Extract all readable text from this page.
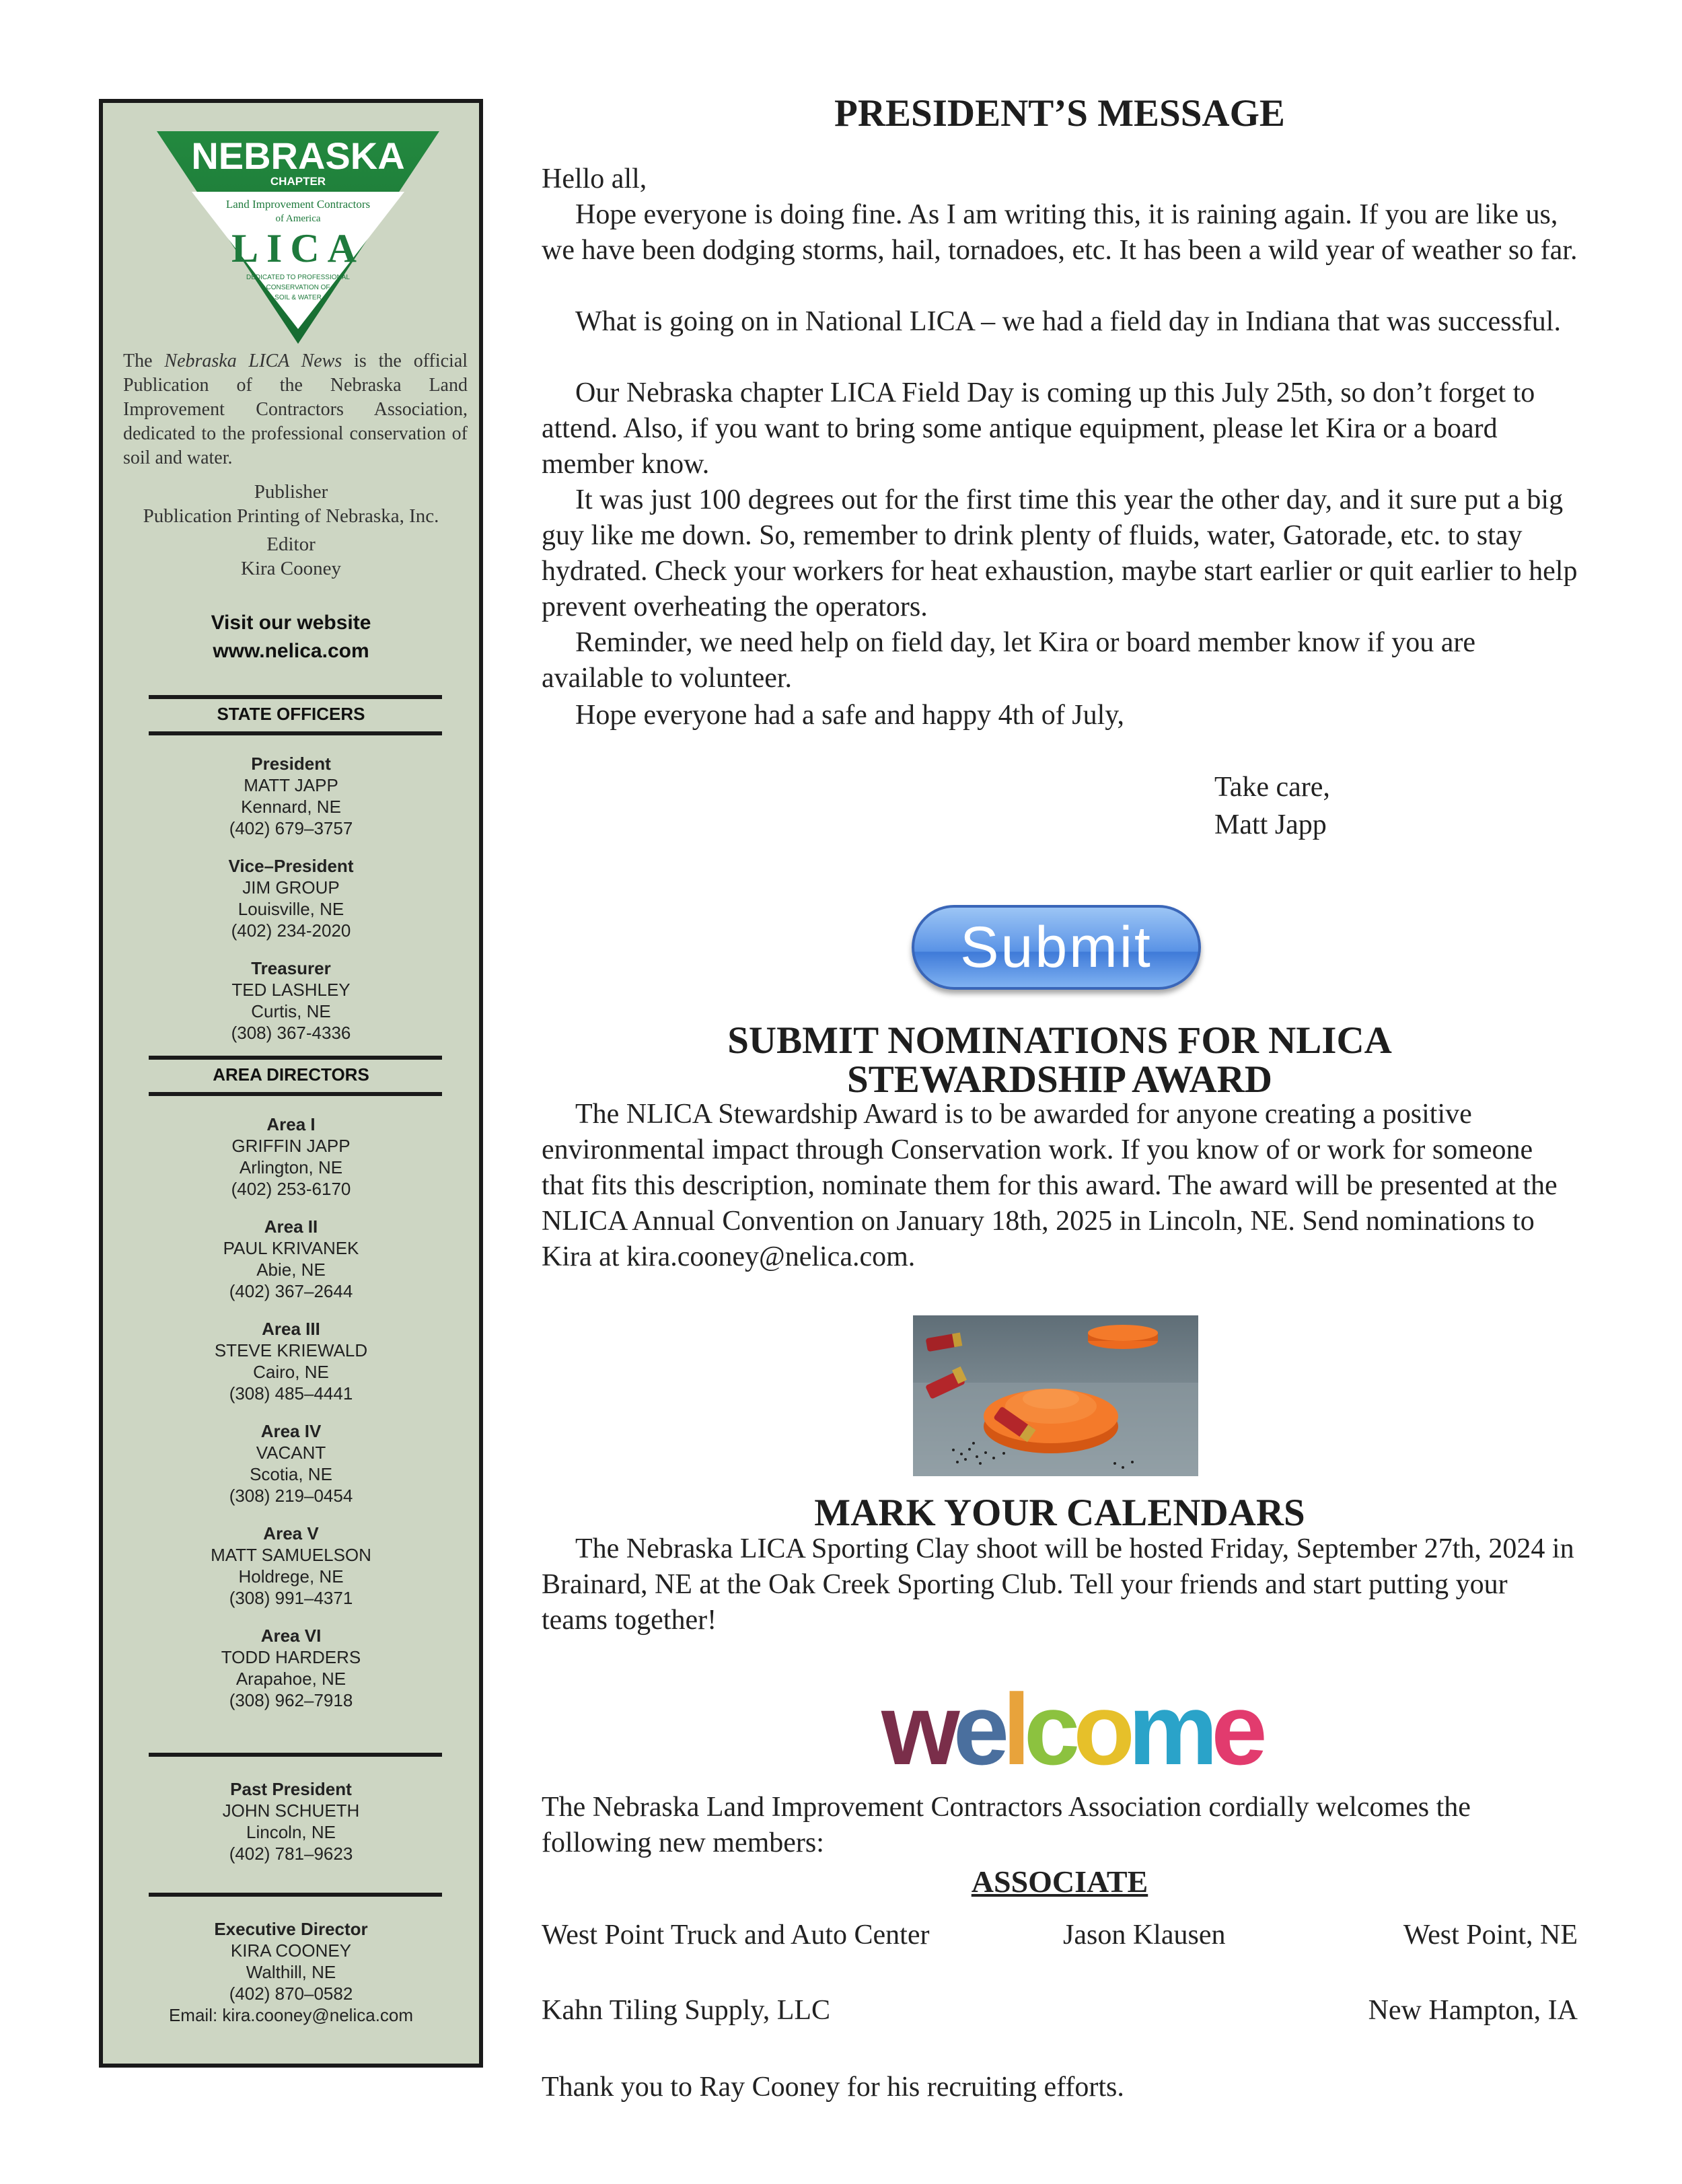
NEBRASKA
CHAPTER
Land Improvement Contractors
of America
LICA
DEDICATED TO PROFESSIONAL
CONSERVATION OF
SOIL & WATER
The Nebraska LICA News is the official Publication of the Nebraska Land Improvement Contractors Association, dedicated to the professional conservation of soil and water.
Publisher
Publication Printing of Nebraska, Inc.
Editor
Kira Cooney
Visit our website
www.nelica.com
STATE OFFICERS
President
MATT JAPP
Kennard, NE
(402) 679–3757
Vice–President
JIM GROUP
Louisville, NE
(402) 234-2020
Treasurer
TED LASHLEY
Curtis, NE
(308) 367-4336
AREA DIRECTORS
Area I
GRIFFIN JAPP
Arlington, NE
(402) 253-6170
Area II
PAUL KRIVANEK
Abie, NE
(402) 367–2644
Area III
STEVE KRIEWALD
Cairo, NE
(308) 485–4441
Area IV
VACANT
Scotia, NE
(308) 219–0454
Area V
MATT SAMUELSON
Holdrege, NE
(308) 991–4371
Area VI
TODD HARDERS
Arapahoe, NE
(308) 962–7918
Past President
JOHN SCHUETH
Lincoln, NE
(402) 781–9623
Executive Director
KIRA COONEY
Walthill, NE
(402) 870–0582
Email: kira.cooney@nelica.com
PRESIDENT’S MESSAGE
Hello all,
Hope everyone is doing fine. As I am writing this, it is raining again. If you are like us, we have been dodging storms, hail, tornadoes, etc. It has been a wild year of weather so far.
What is going on in National LICA – we had a field day in Indiana that was successful.
Our Nebraska chapter LICA Field Day is coming up this July 25th, so don’t forget to attend. Also, if you want to bring some antique equipment, please let Kira or a board member know.
It was just 100 degrees out for the first time this year the other day, and it sure put a big guy like me down. So, remember to drink plenty of fluids, water, Gatorade, etc. to stay hydrated. Check your workers for heat exhaustion, maybe start earlier or quit earlier to help prevent overheating the operators.
Reminder, we need help on field day, let Kira or board member know if you are available to volunteer.
Hope everyone had a safe and happy 4th of July,
Take care,
Matt Japp
Submit
SUBMIT NOMINATIONS FOR NLICA
STEWARDSHIP AWARD
The NLICA Stewardship Award is to be awarded for anyone creating a positive environmental impact through Conservation work. If you know of or work for someone that fits this description, nominate them for this award. The award will be presented at the NLICA Annual Convention on January 18th, 2025 in Lincoln, NE. Send nominations to Kira at kira.cooney@nelica.com.
MARK YOUR CALENDARS
The Nebraska LICA Sporting Clay shoot will be hosted Friday, September 27th, 2024 in Brainard, NE at the Oak Creek Sporting Club. Tell your friends and start putting your teams together!
welcome
The Nebraska Land Improvement Contractors Association cordially welcomes the following new members:
ASSOCIATE
West Point Truck and Auto Center	Jason Klausen	West Point, NE
Kahn Tiling Supply, LLC	New Hampton, IA
Thank you to Ray Cooney for his recruiting efforts.
